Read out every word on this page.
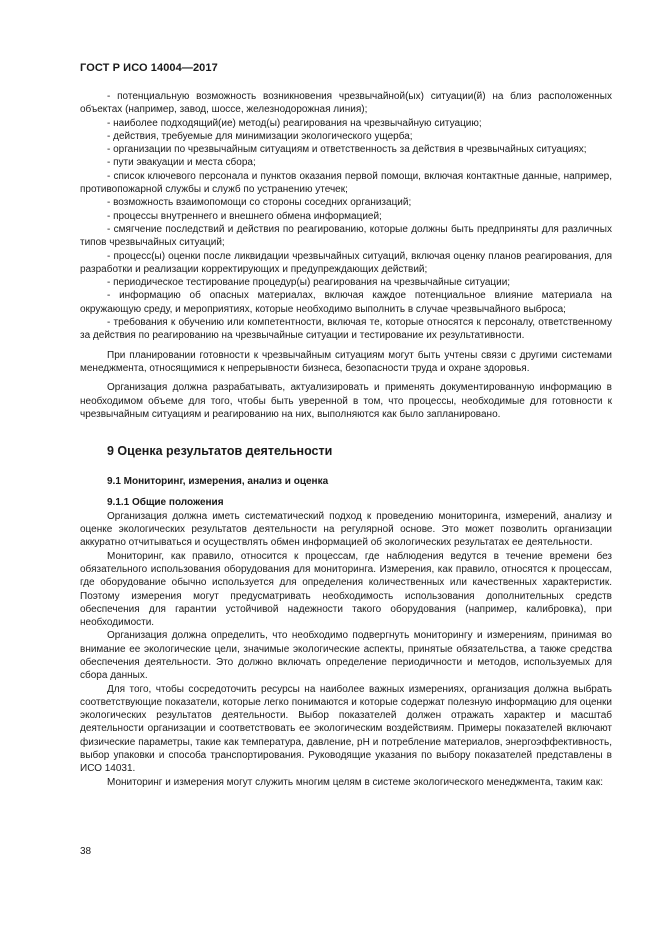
ГОСТ Р ИСО 14004—2017

- потенциальную возможность возникновения чрезвычайной(ых) ситуации(й) на близ расположенных объектах (например, завод, шоссе, железнодорожная линия);

- наиболее подходящий(ие) метод(ы) реагирования на чрезвычайную ситуацию;

- действия, требуемые для минимизации экологического ущерба;

- организации по чрезвычайным ситуациям и ответственность за действия в чрезвычайных ситуациях;

- пути эвакуации и места сбора;

- список ключевого персонала и пунктов оказания первой помощи, включая контактные данные, например, противопожарной службы и служб по устранению утечек;

- возможность взаимопомощи со стороны соседних организаций;

- процессы внутреннего и внешнего обмена информацией;

- смягчение последствий и действия по реагированию, которые должны быть предприняты для различных типов чрезвычайных ситуаций;

- процесс(ы) оценки после ликвидации чрезвычайных ситуаций, включая оценку планов реагирования, для разработки и реализации корректирующих и предупреждающих действий;

- периодическое тестирование процедур(ы) реагирования на чрезвычайные ситуации;

- информацию об опасных материалах, включая каждое потенциальное влияние материала на окружающую среду, и мероприятиях, которые необходимо выполнить в случае чрезвычайного выброса;

- требования к обучению или компетентности, включая те, которые относятся к персоналу, ответственному за действия по реагированию на чрезвычайные ситуации и тестирование их результативности.

При планировании готовности к чрезвычайным ситуациям могут быть учтены связи с другими системами менеджмента, относящимися к непрерывности бизнеса, безопасности труда и охране здоровья.

Организация должна разрабатывать, актуализировать и применять документированную информацию в необходимом объеме для того, чтобы быть уверенной в том, что процессы, необходимые для готовности к чрезвычайным ситуациям и реагированию на них, выполняются как было запланировано.

9 Оценка результатов деятельности
9.1 Мониторинг, измерения, анализ и оценка
9.1.1 Общие положения

Организация должна иметь систематический подход к проведению мониторинга, измерений, анализу и оценке экологических результатов деятельности на регулярной основе. Это может позволить организации аккуратно отчитываться и осуществлять обмен информацией об экологических результатах ее деятельности.

Мониторинг, как правило, относится к процессам, где наблюдения ведутся в течение времени без обязательного использования оборудования для мониторинга. Измерения, как правило, относятся к процессам, где оборудование обычно используется для определения количественных или качественных характеристик. Поэтому измерения могут предусматривать необходимость использования дополнительных средств обеспечения для гарантии устойчивой надежности такого оборудования (например, калибровка), при необходимости.

Организация должна определить, что необходимо подвергнуть мониторингу и измерениям, принимая во внимание ее экологические цели, значимые экологические аспекты, принятые обязательства, а также средства обеспечения деятельности. Это должно включать определение периодичности и методов, используемых для сбора данных.

Для того, чтобы сосредоточить ресурсы на наиболее важных измерениях, организация должна выбрать соответствующие показатели, которые легко понимаются и которые содержат полезную информацию для оценки экологических результатов деятельности. Выбор показателей должен отражать характер и масштаб деятельности организации и соответствовать ее экологическим воздействиям. Примеры показателей включают физические параметры, такие как температура, давление, pH и потребление материалов, энергоэффективность, выбор упаковки и способа транспортирования. Руководящие указания по выбору показателей представлены в ИСО 14031.

Мониторинг и измерения могут служить многим целям в системе экологического менеджмента, таким как:

38
